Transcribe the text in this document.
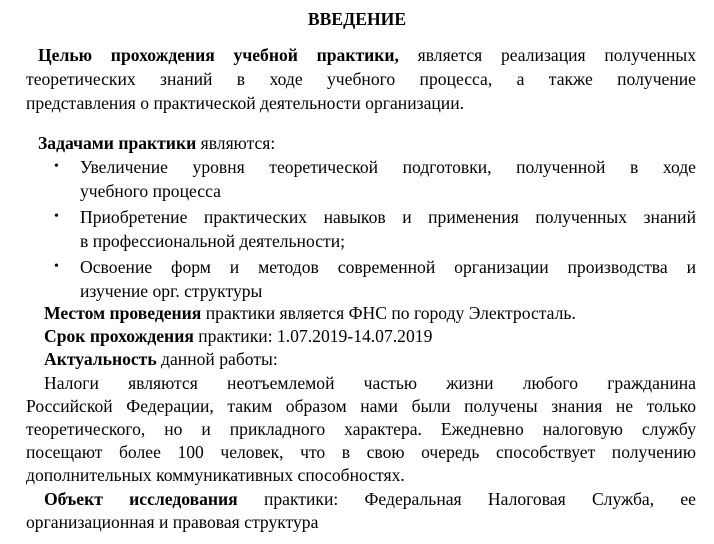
ВВЕДЕНИЕ
Целью прохождения учебной практики, является реализация полученных
теоретических знаний в ходе учебного процесса, а также получение
представления о практической деятельности организации.
Задачами практики являются:
• Увеличение уровня теоретической подготовки, полученной в ходе
учебного процесса
• Приобретение практических навыков и применения полученных знаний
в профессиональной деятельности;
• Освоение форм и методов современной организации производства и
изучение орг. структуры
Местом проведения практики является ФНС по городу Электросталь.
Срок прохождения практики: 1.07.2019-14.07.2019
Актуальность данной работы:
Налоги являются неотъемлемой частью жизни любого гражданина
Российской Федерации, таким образом нами были получены знания не только
теоретического, но и прикладного характера. Ежедневно налоговую службу
посещают более 100 человек, что в свою очередь способствует получению
дополнительных коммуникативных способностях.
Объект исследования практики: Федеральная Налоговая Служба, ее
организационная и правовая структура
